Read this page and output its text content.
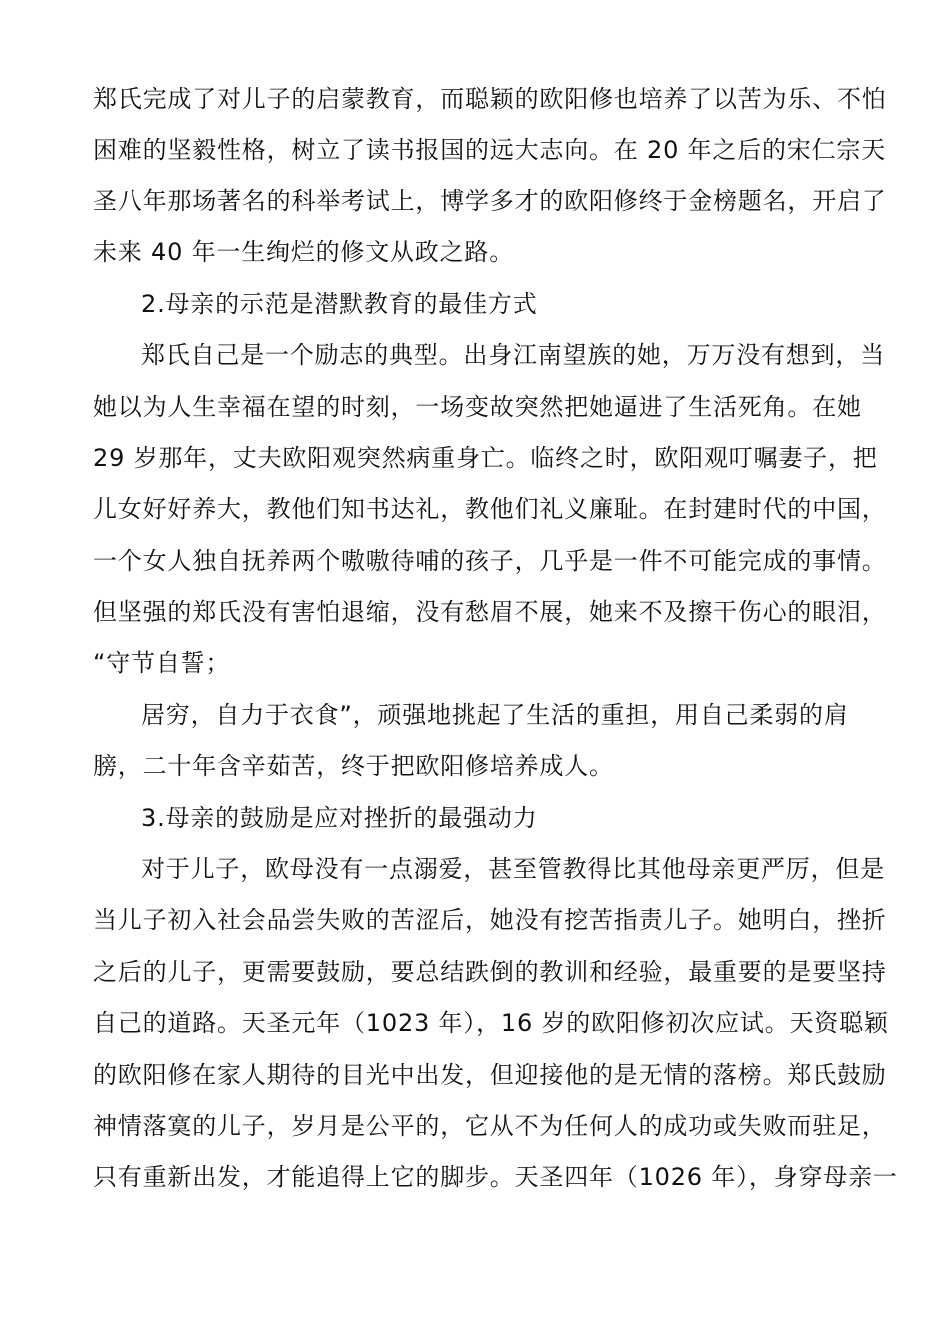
郑氏完成了对儿子的启蒙教育，而聪颖的欧阳修也培养了以苦为乐、不怕
困难的坚毅性格，树立了读书报国的远大志向。在 20 年之后的宋仁宗天
圣八年那场著名的科举考试上，博学多才的欧阳修终于金榜题名，开启了
未来 40 年一生绚烂的修文从政之路。
2.母亲的示范是潜默教育的最佳方式
郑氏自己是一个励志的典型。出身江南望族的她，万万没有想到，当
她以为人生幸福在望的时刻，一场变故突然把她逼进了生活死角。在她
29 岁那年，丈夫欧阳观突然病重身亡。临终之时，欧阳观叮嘱妻子，把
儿女好好养大，教他们知书达礼，教他们礼义廉耻。在封建时代的中国，
一个女人独自抚养两个嗷嗷待哺的孩子，几乎是一件不可能完成的事情。
但坚强的郑氏没有害怕退缩，没有愁眉不展，她来不及擦干伤心的眼泪，
“守节自誓；
居穷，自力于衣食”，顽强地挑起了生活的重担，用自己柔弱的肩
膀，二十年含辛茹苦，终于把欧阳修培养成人。
3.母亲的鼓励是应对挫折的最强动力
对于儿子，欧母没有一点溺爱，甚至管教得比其他母亲更严厉，但是
当儿子初入社会品尝失败的苦涩后，她没有挖苦指责儿子。她明白，挫折
之后的儿子，更需要鼓励，要总结跌倒的教训和经验，最重要的是要坚持
自己的道路。天圣元年（1023 年），16 岁的欧阳修初次应试。天资聪颖
的欧阳修在家人期待的目光中出发，但迎接他的是无情的落榜。郑氏鼓励
神情落寞的儿子，岁月是公平的，它从不为任何人的成功或失败而驻足，
只有重新出发，才能追得上它的脚步。天圣四年（1026 年），身穿母亲一
